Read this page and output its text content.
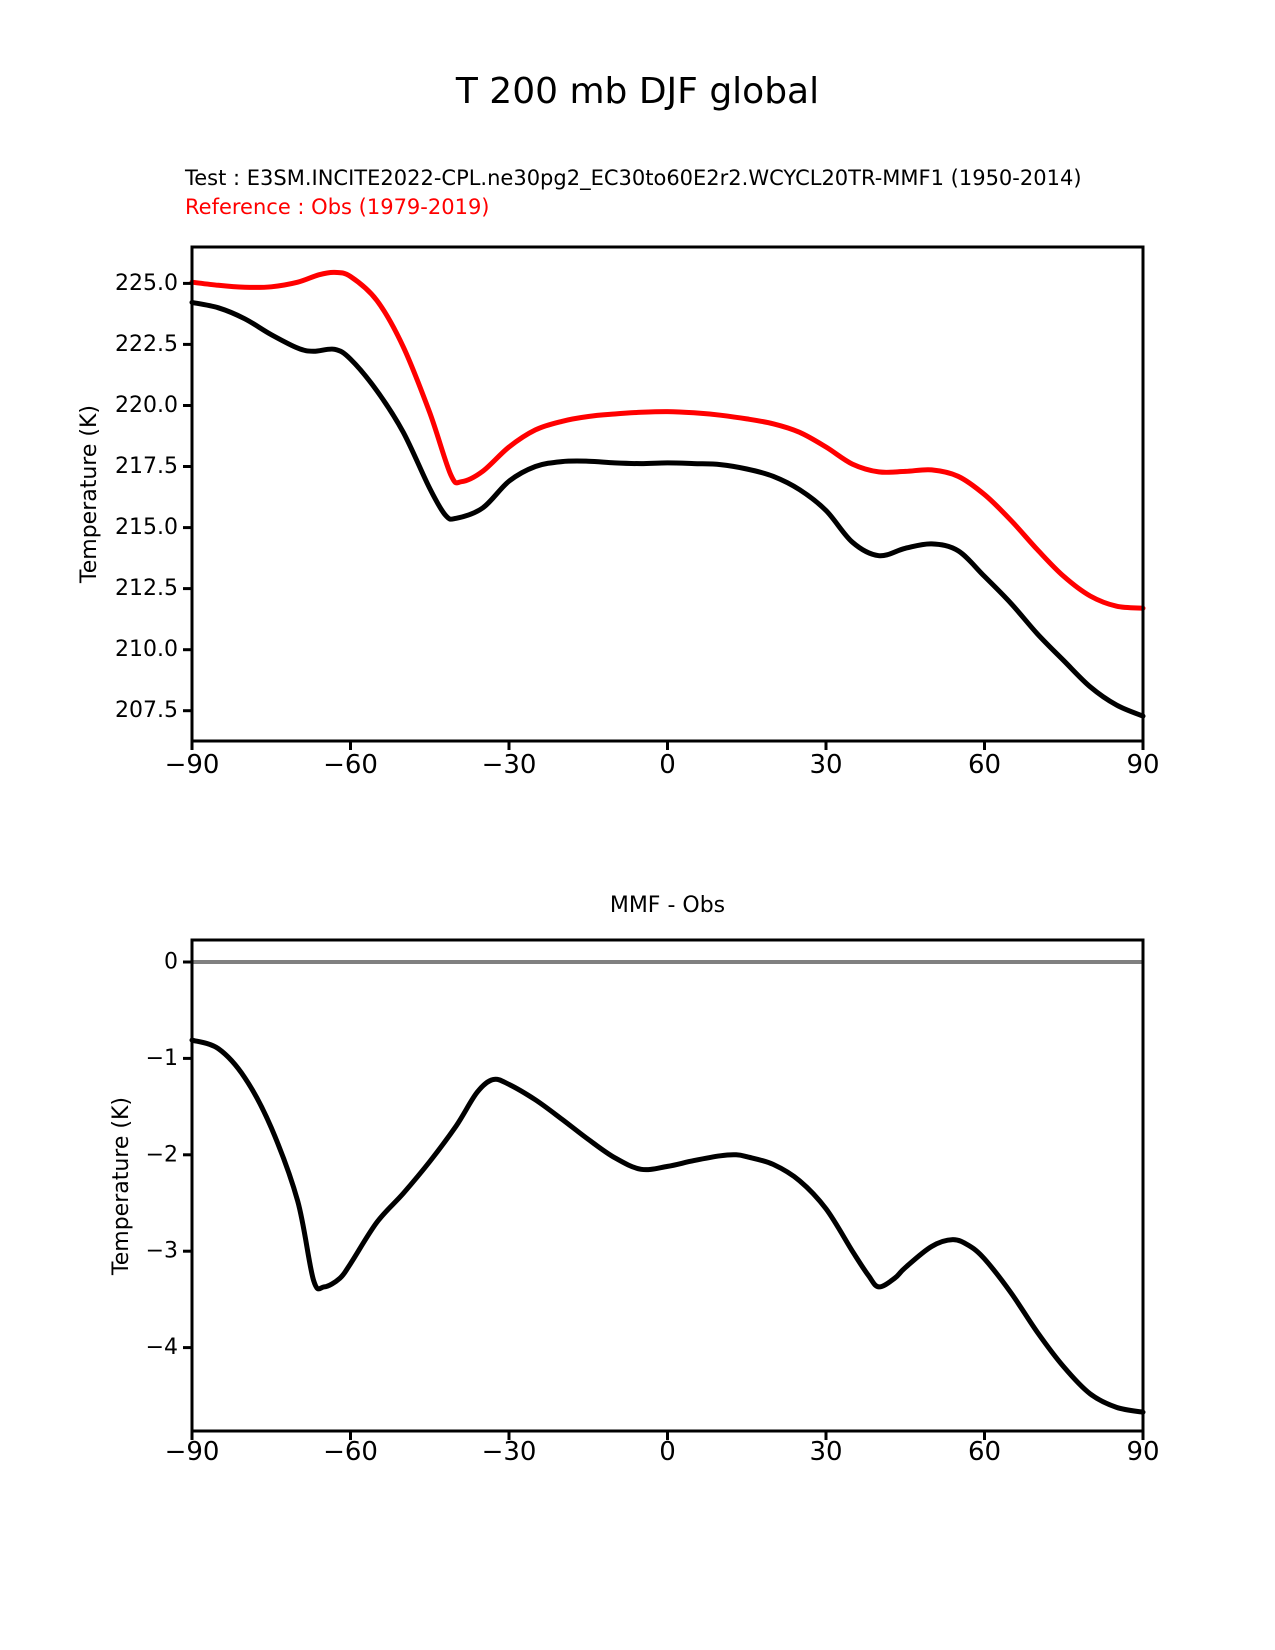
−90	−60	−30	0	30	60	90
225.0
222.5
220.0
217.5
215.0
212.5
210.0
207.5
−90	−60	−30	0	30	60	90
0
−1
−2
−3
−4
T 200 mb DJF global
Test : E3SM.INCITE2022-CPL.ne30pg2_EC30to60E2r2.WCYCL20TR-MMF1 (1950-2014)
Reference : Obs (1979-2019)
Temperature (K)
MMF - Obs
Temperature (K)
